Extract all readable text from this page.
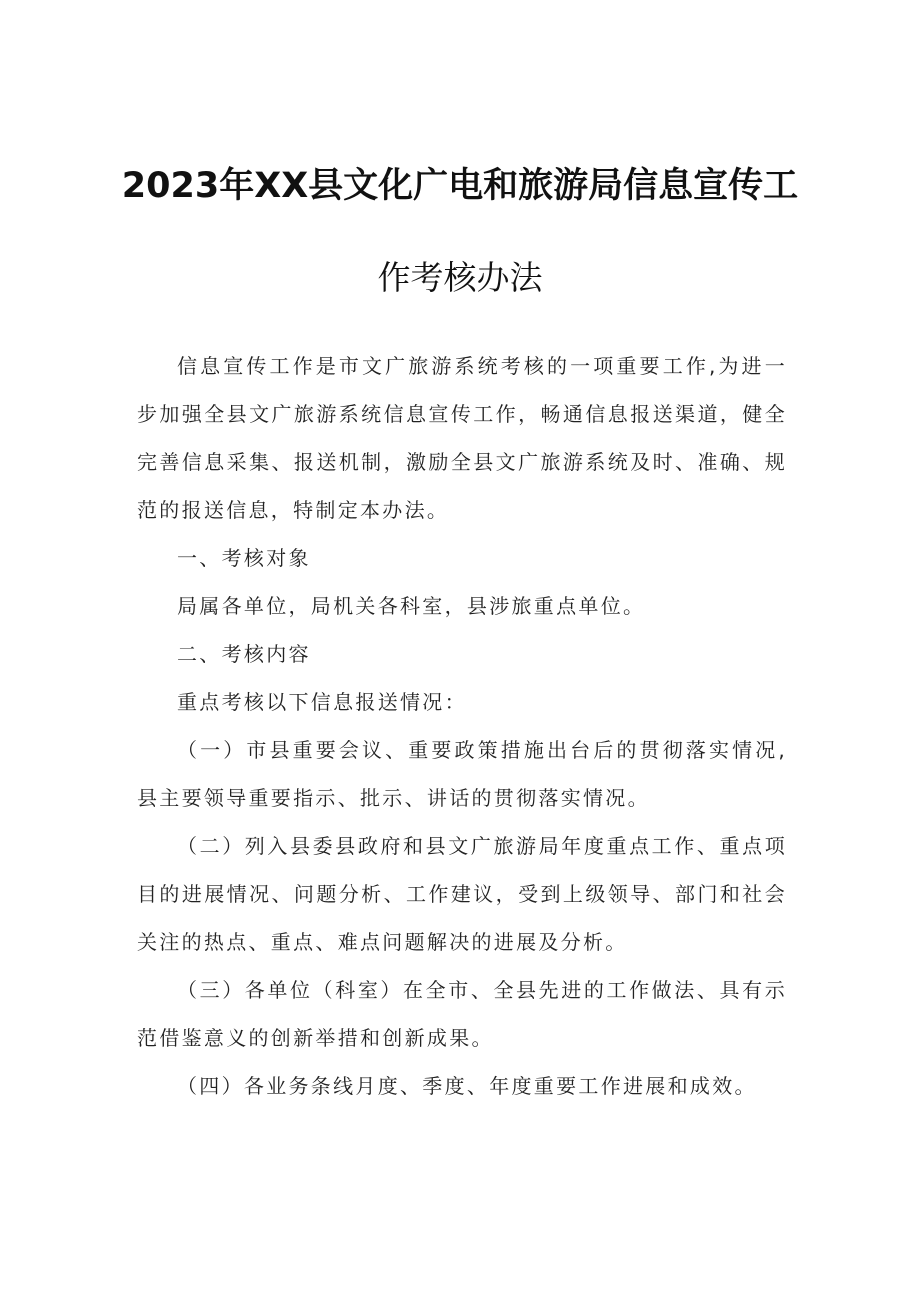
2023年XX县文化广电和旅游局信息宣传工
作考核办法

信息宣传工作是市文广旅游系统考核的一项重要工作,为进一步加强全县文广旅游系统信息宣传工作，畅通信息报送渠道，健全完善信息采集、报送机制，激励全县文广旅游系统及时、准确、规范的报送信息，特制定本办法。

一、考核对象

局属各单位，局机关各科室，县涉旅重点单位。

二、考核内容

重点考核以下信息报送情况：

（一）市县重要会议、重要政策措施出台后的贯彻落实情况,县主要领导重要指示、批示、讲话的贯彻落实情况。

（二）列入县委县政府和县文广旅游局年度重点工作、重点项目的进展情况、问题分析、工作建议，受到上级领导、部门和社会关注的热点、重点、难点问题解决的进展及分析。

（三）各单位（科室）在全市、全县先进的工作做法、具有示范借鉴意义的创新举措和创新成果。

（四）各业务条线月度、季度、年度重要工作进展和成效。
